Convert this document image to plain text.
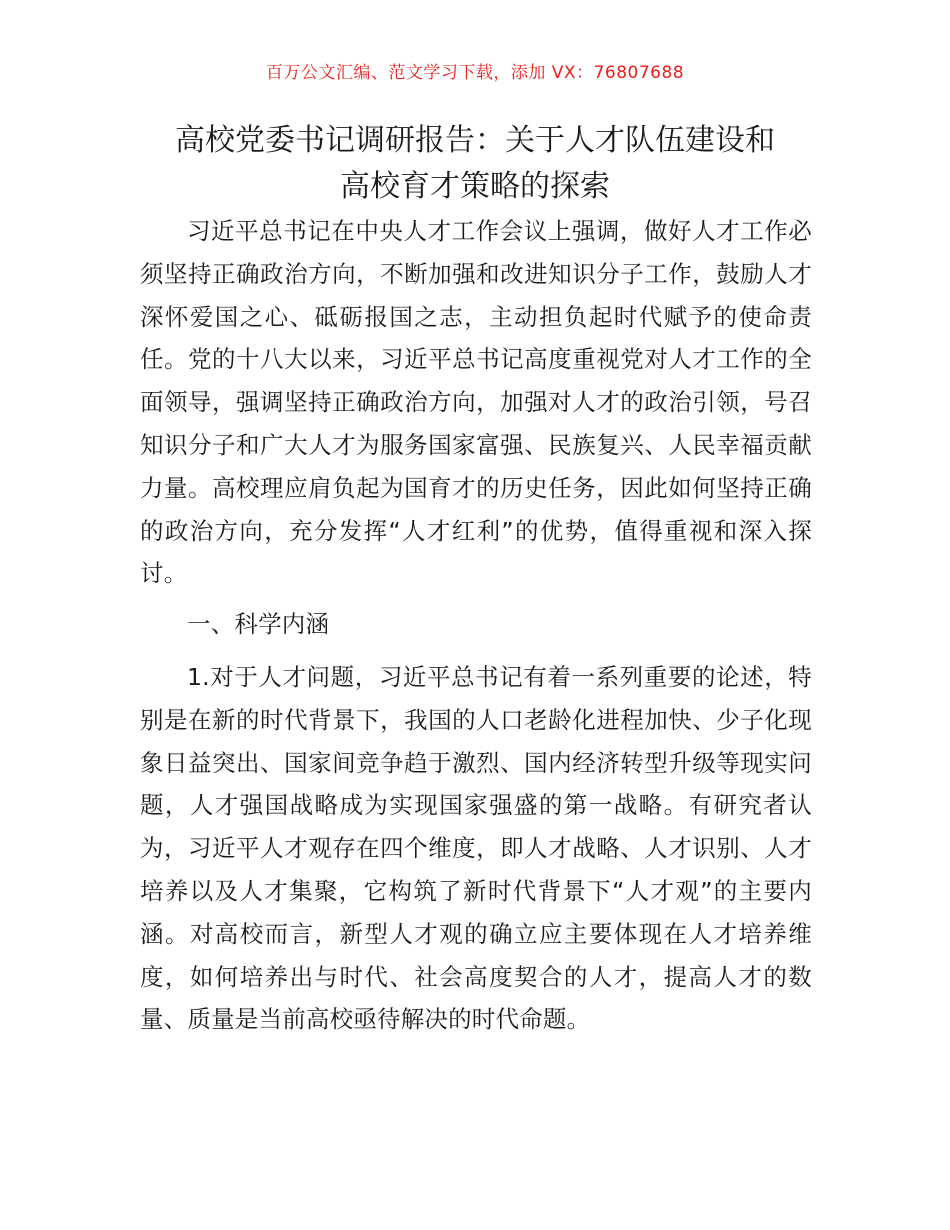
百万公文汇编、范文学习下载，添加 VX：76807688
高校党委书记调研报告：关于人才队伍建设和
高校育才策略的探索

习近平总书记在中央人才工作会议上强调，做好人才工作必须坚持正确政治方向，不断加强和改进知识分子工作，鼓励人才深怀爱国之心、砥砺报国之志，主动担负起时代赋予的使命责任。党的十八大以来，习近平总书记高度重视党对人才工作的全面领导，强调坚持正确政治方向，加强对人才的政治引领，号召知识分子和广大人才为服务国家富强、民族复兴、人民幸福贡献力量。高校理应肩负起为国育才的历史任务，因此如何坚持正确的政治方向，充分发挥“人才红利”的优势，值得重视和深入探讨。

一、科学内涵

1.对于人才问题，习近平总书记有着一系列重要的论述，特别是在新的时代背景下，我国的人口老龄化进程加快、少子化现象日益突出、国家间竞争趋于激烈、国内经济转型升级等现实问题，人才强国战略成为实现国家强盛的第一战略。有研究者认为，习近平人才观存在四个维度，即人才战略、人才识别、人才培养以及人才集聚，它构筑了新时代背景下“人才观”的主要内涵。对高校而言，新型人才观的确立应主要体现在人才培养维度，如何培养出与时代、社会高度契合的人才，提高人才的数量、质量是当前高校亟待解决的时代命题。
